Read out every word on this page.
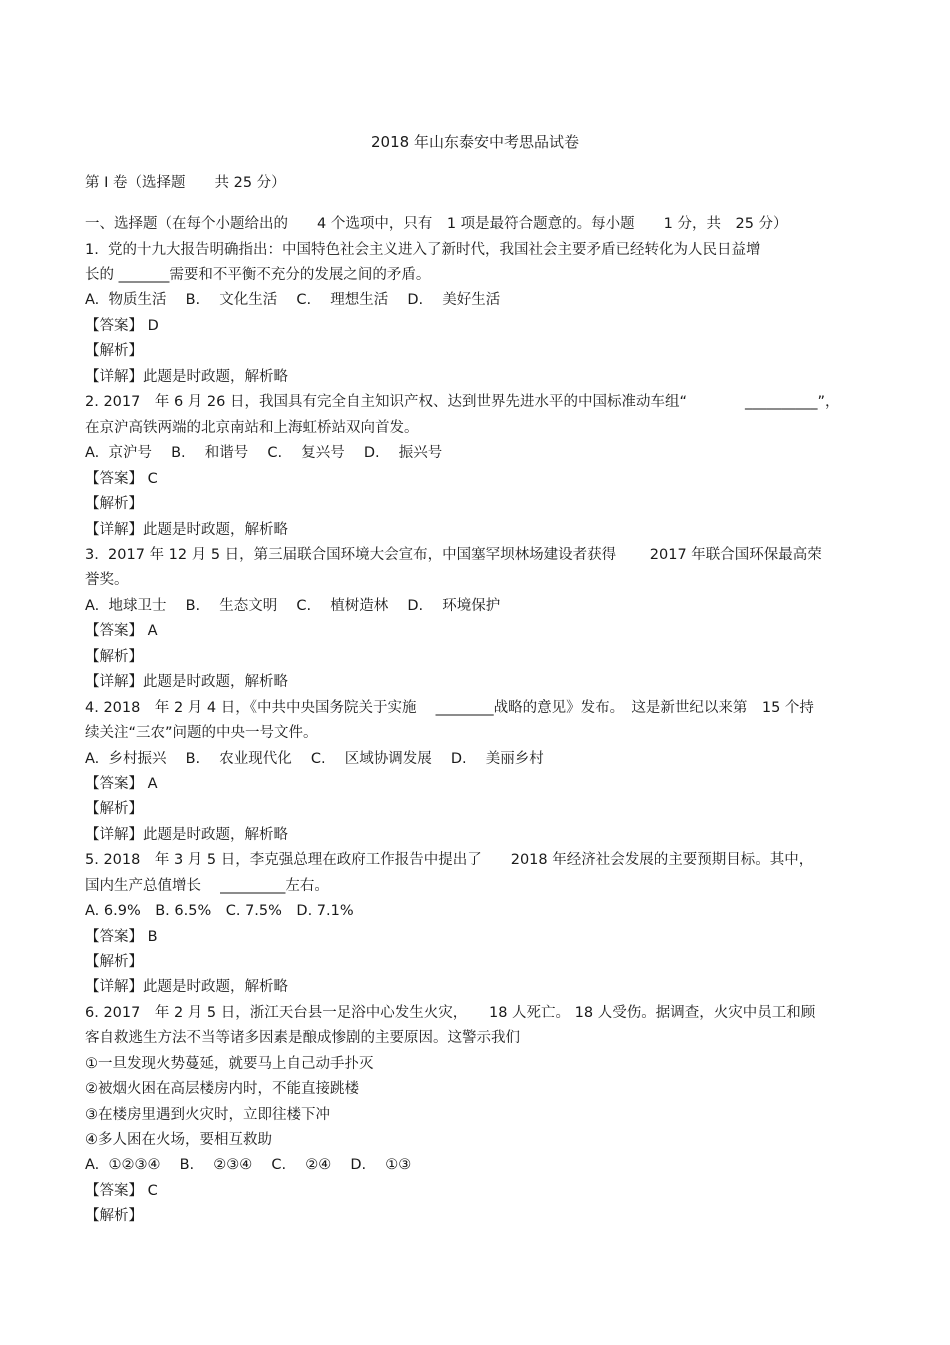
2018 年山东泰安中考思品试卷
第 I 卷（选择题　　共 25 分）
一、选择题（在每个小题给出的　　4 个选项中，只有　1 项是最符合题意的。每小题　　1 分，共　25 分）
1.  党的十九大报告明确指出：中国特色社会主义进入了新时代，我国社会主要矛盾已经转化为人民日益增
长的 _______需要和不平衡不充分的发展之间的矛盾。
A.  物质生活　 B.　 文化生活　 C.　 理想生活　 D.　 美好生活
【答案】 D
【解析】
【详解】此题是时政题，解析略
2. 2017　年 6 月 26 日，我国具有完全自主知识产权、达到世界先进水平的中国标准动车组“　　　　__________”，
在京沪高铁两端的北京南站和上海虹桥站双向首发。
A.  京沪号　 B.　 和谐号　 C.　 复兴号　 D.　 振兴号
【答案】 C
【解析】
【详解】此题是时政题，解析略
3.  2017 年 12 月 5 日，第三届联合国环境大会宣布，中国塞罕坝林场建设者获得　　 2017 年联合国环保最高荣
誉奖。
A.  地球卫士　 B.　 生态文明　 C.　 植树造林　 D.　 环境保护
【答案】 A
【解析】
【详解】此题是时政题，解析略
4. 2018　年 2 月 4 日，《中共中央国务院关于实施　 ________战略的意见》发布。　这是新世纪以来第　15 个持
续关注“三农”问题的中央一号文件。
A.  乡村振兴　 B.　 农业现代化　 C.　 区域协调发展　 D.　 美丽乡村
【答案】 A
【解析】
【详解】此题是时政题，解析略
5. 2018　年 3 月 5 日，李克强总理在政府工作报告中提出了　　2018 年经济社会发展的主要预期目标。其中，
国内生产总值增长　 _________左右。
A. 6.9%　B. 6.5%　C. 7.5%　D. 7.1%
【答案】 B
【解析】
【详解】此题是时政题，解析略
6. 2017　年 2 月 5 日，浙江天台县一足浴中心发生火灾，　　18 人死亡。 18 人受伤。据调查，火灾中员工和顾
客自救逃生方法不当等诸多因素是酿成惨剧的主要原因。这警示我们
①一旦发现火势蔓延，就要马上自己动手扑灭
②被烟火困在高层楼房内时，不能直接跳楼
③在楼房里遇到火灾时，立即往楼下冲
④多人困在火场，要相互救助
A.  ①②③④　 B.　 ②③④　 C.　 ②④　 D.　 ①③
【答案】 C
【解析】
